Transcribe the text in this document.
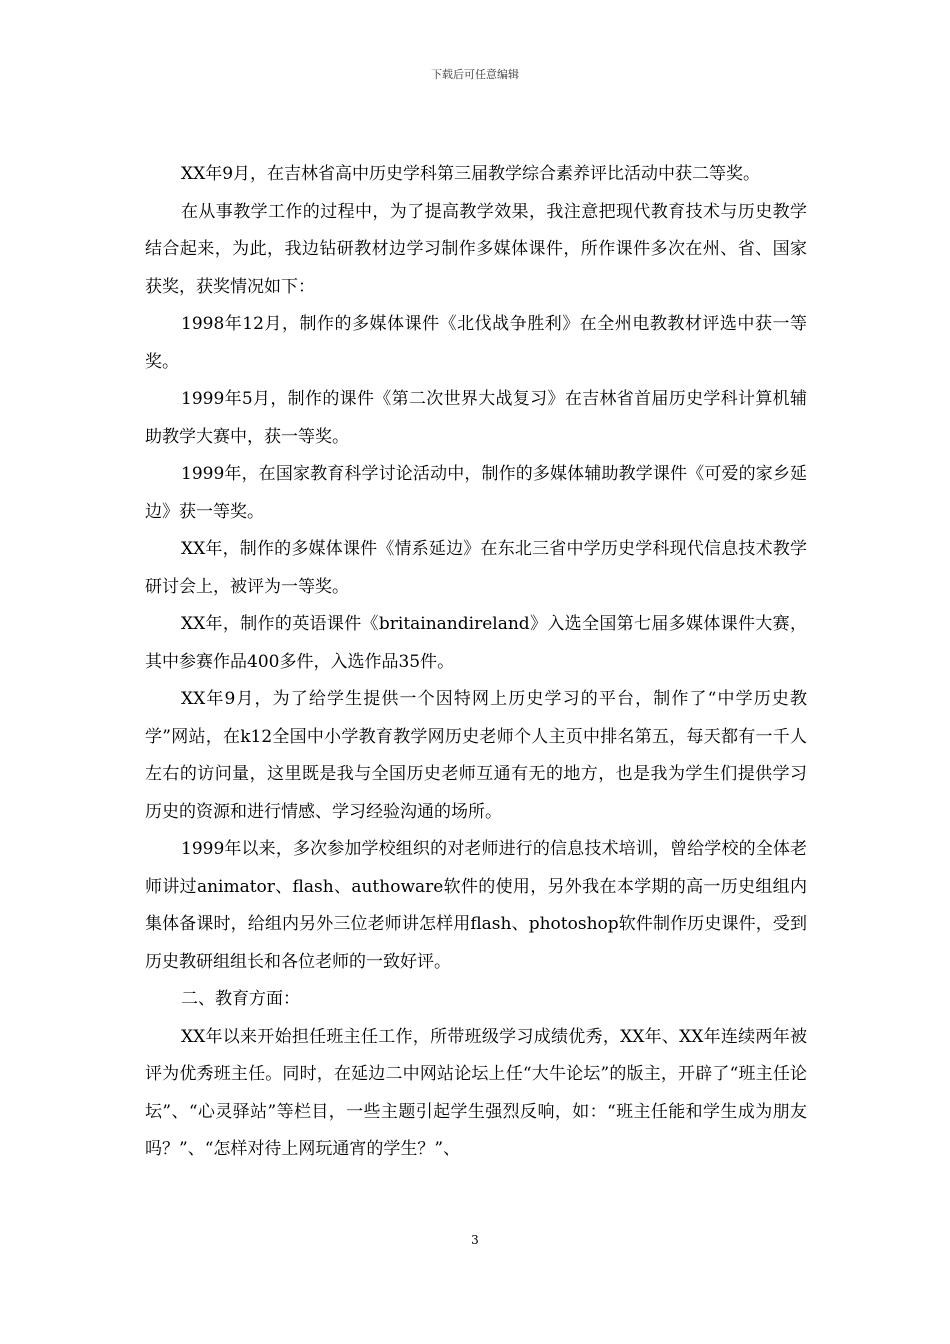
下载后可任意编辑

XX年9月，在吉林省高中历史学科第三届教学综合素养评比活动中获二等奖。

在从事教学工作的过程中，为了提高教学效果，我注意把现代教育技术与历史教学结合起来，为此，我边钻研教材边学习制作多媒体课件，所作课件多次在州、省、国家获奖，获奖情况如下：

1998年12月，制作的多媒体课件《北伐战争胜利》在全州电教教材评选中获一等奖。

1999年5月，制作的课件《第二次世界大战复习》在吉林省首届历史学科计算机辅助教学大赛中，获一等奖。

1999年，在国家教育科学讨论活动中，制作的多媒体辅助教学课件《可爱的家乡延边》获一等奖。

XX年，制作的多媒体课件《情系延边》在东北三省中学历史学科现代信息技术教学研讨会上，被评为一等奖。

XX年，制作的英语课件《britainandireland》入选全国第七届多媒体课件大赛，其中参赛作品400多件，入选作品35件。

XX年9月，为了给学生提供一个因特网上历史学习的平台，制作了“中学历史教学”网站，在k12全国中小学教育教学网历史老师个人主页中排名第五，每天都有一千人左右的访问量，这里既是我与全国历史老师互通有无的地方，也是我为学生们提供学习历史的资源和进行情感、学习经验沟通的场所。

1999年以来，多次参加学校组织的对老师进行的信息技术培训，曾给学校的全体老师讲过animator、flash、authoware软件的使用，另外我在本学期的高一历史组组内集体备课时，给组内另外三位老师讲怎样用flash、photoshop软件制作历史课件，受到历史教研组组长和各位老师的一致好评。

二、教育方面：

XX年以来开始担任班主任工作，所带班级学习成绩优秀，XX年、XX年连续两年被评为优秀班主任。同时，在延边二中网站论坛上任“大牛论坛”的版主，开辟了“班主任论坛”、“心灵驿站”等栏目，一些主题引起学生强烈反响，如：“班主任能和学生成为朋友吗？”、“怎样对待上网玩通宵的学生？”、

3
